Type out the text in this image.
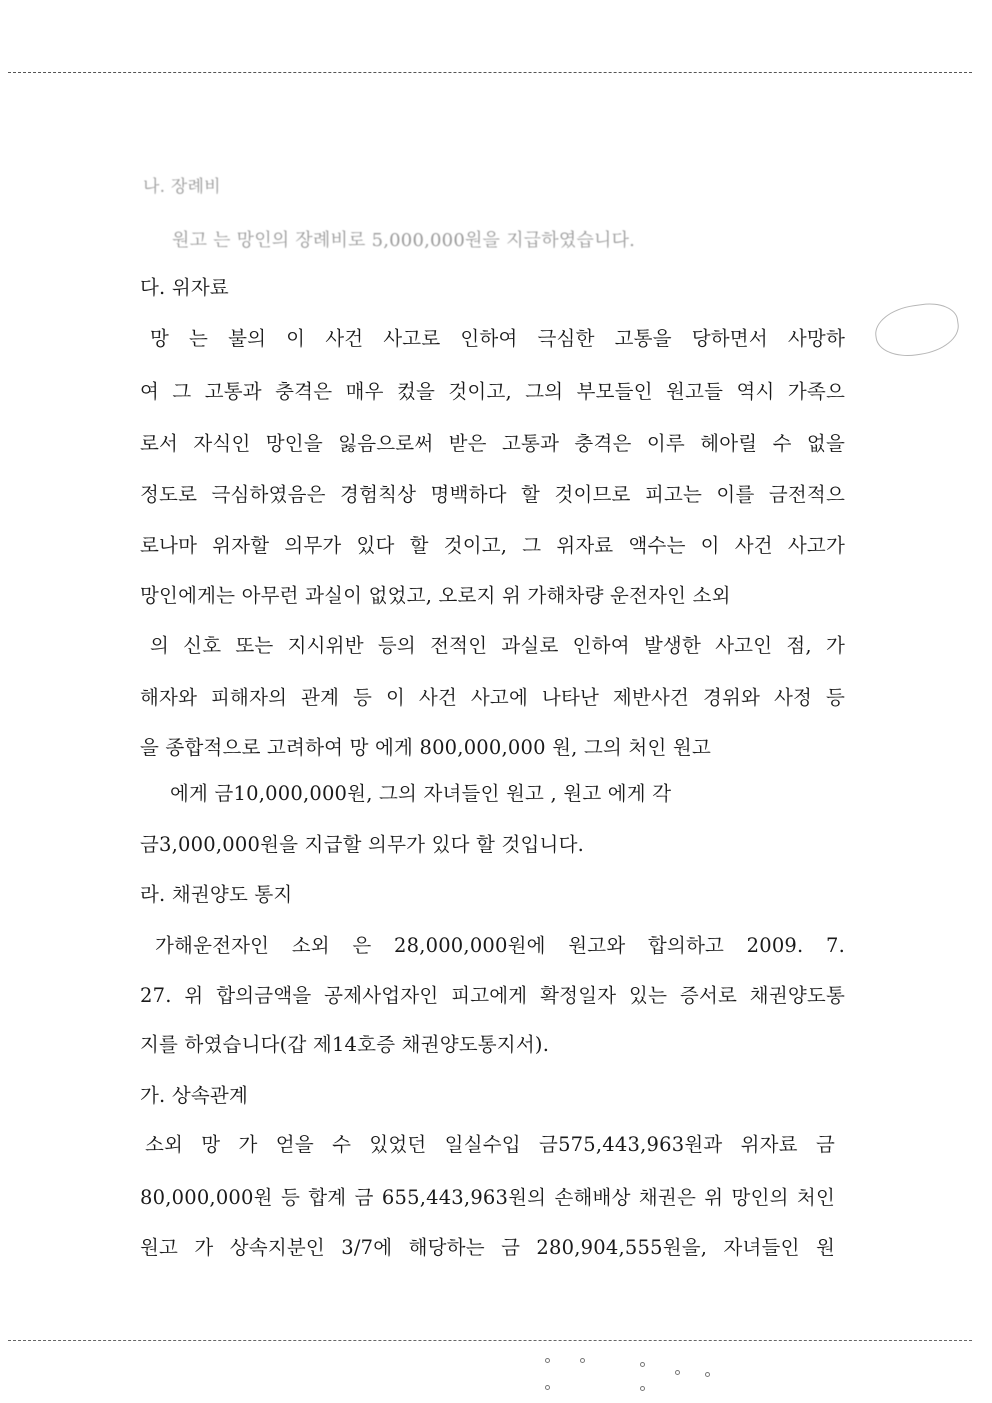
나. 장례비
원고 는 망인의 장례비로 5,000,000원을 지급하였습니다.
다. 위자료
망 는 불의 이 사건 사고로 인하여 극심한 고통을 당하면서 사망하
여 그 고통과 충격은 매우 컸을 것이고, 그의 부모들인 원고들 역시 가족으
로서 자식인 망인을 잃음으로써 받은 고통과 충격은 이루 헤아릴 수 없을
정도로 극심하였음은 경험칙상 명백하다 할 것이므로 피고는 이를 금전적으
로나마 위자할 의무가 있다 할 것이고, 그 위자료 액수는 이 사건 사고가
망인에게는 아무런 과실이 없었고, 오로지 위 가해차량 운전자인 소외
의 신호 또는 지시위반 등의 전적인 과실로 인하여 발생한 사고인 점, 가
해자와 피해자의 관계 등 이 사건 사고에 나타난 제반사건 경위와 사정 등
을 종합적으로 고려하여 망 에게 800,000,000 원, 그의 처인 원고
에게 금10,000,000원, 그의 자녀들인 원고 , 원고 에게 각
금3,000,000원을 지급할 의무가 있다 할 것입니다.
라. 채권양도 통지
가해운전자인 소외 은 28,000,000원에 원고와 합의하고 2009. 7.
27. 위 합의금액을 공제사업자인 피고에게 확정일자 있는 증서로 채권양도통
지를 하였습니다(갑 제14호증 채권양도통지서).
가. 상속관계
소외 망 가 얻을 수 있었던 일실수입 금575,443,963원과 위자료 금
80,000,000원 등 합계 금 655,443,963원의 손해배상 채권은 위 망인의 처인
원고 가 상속지분인 3/7에 해당하는 금 280,904,555원을, 자녀들인 원
